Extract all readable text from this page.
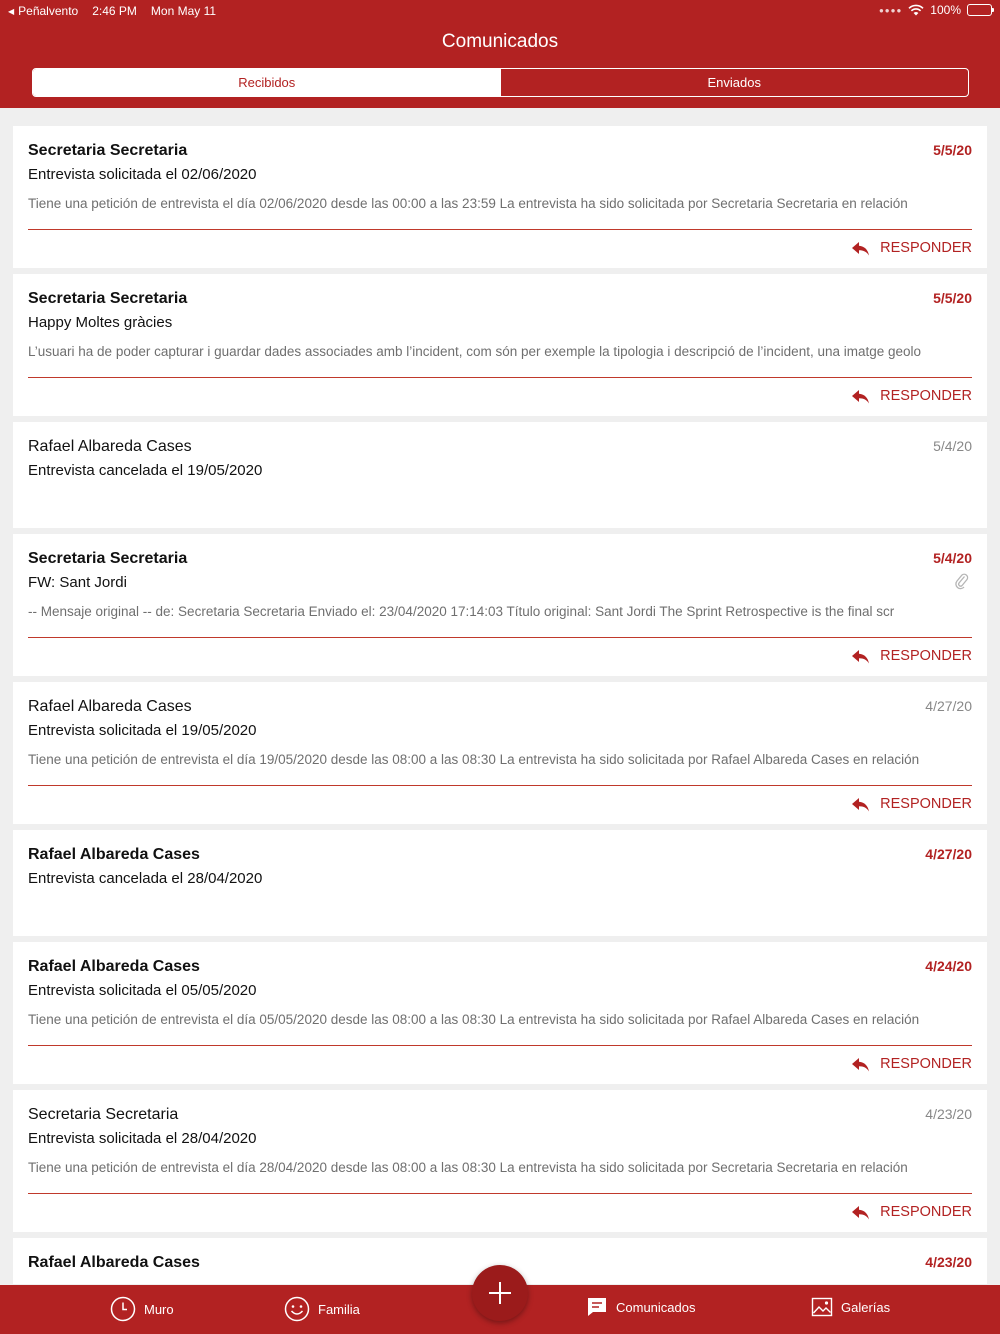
◀ Peñalvento 2:46 PM Mon May 11	●●●● 100%
Comunicados
Recibidos	Enviados
Secretaria Secretaria	5/5/20
Entrevista solicitada el 02/06/2020
Tiene una petición de entrevista el día 02/06/2020 desde las 00:00 a las 23:59 La entrevista ha sido solicitada por Secretaria Secretaria en relación
RESPONDER
Secretaria Secretaria	5/5/20
Happy Moltes gràcies
L’usuari ha de poder capturar i guardar dades associades amb l’incident, com són per exemple la tipologia i descripció de l’incident, una imatge geolo
RESPONDER
Rafael Albareda Cases	5/4/20
Entrevista cancelada el 19/05/2020
Secretaria Secretaria	5/4/20
FW: Sant Jordi
-- Mensaje original -- de: Secretaria Secretaria Enviado el: 23/04/2020 17:14:03 Título original: Sant Jordi The Sprint Retrospective is the final scr
RESPONDER
Rafael Albareda Cases	4/27/20
Entrevista solicitada el 19/05/2020
Tiene una petición de entrevista el día 19/05/2020 desde las 08:00 a las 08:30 La entrevista ha sido solicitada por Rafael Albareda Cases en relación
RESPONDER
Rafael Albareda Cases	4/27/20
Entrevista cancelada el 28/04/2020
Rafael Albareda Cases	4/24/20
Entrevista solicitada el 05/05/2020
Tiene una petición de entrevista el día 05/05/2020 desde las 08:00 a las 08:30 La entrevista ha sido solicitada por Rafael Albareda Cases en relación
RESPONDER
Secretaria Secretaria	4/23/20
Entrevista solicitada el 28/04/2020
Tiene una petición de entrevista el día 28/04/2020 desde las 08:00 a las 08:30 La entrevista ha sido solicitada por Secretaria Secretaria en relación
RESPONDER
Rafael Albareda Cases	4/23/20
Muro	Familia	Comunicados	Galerías
